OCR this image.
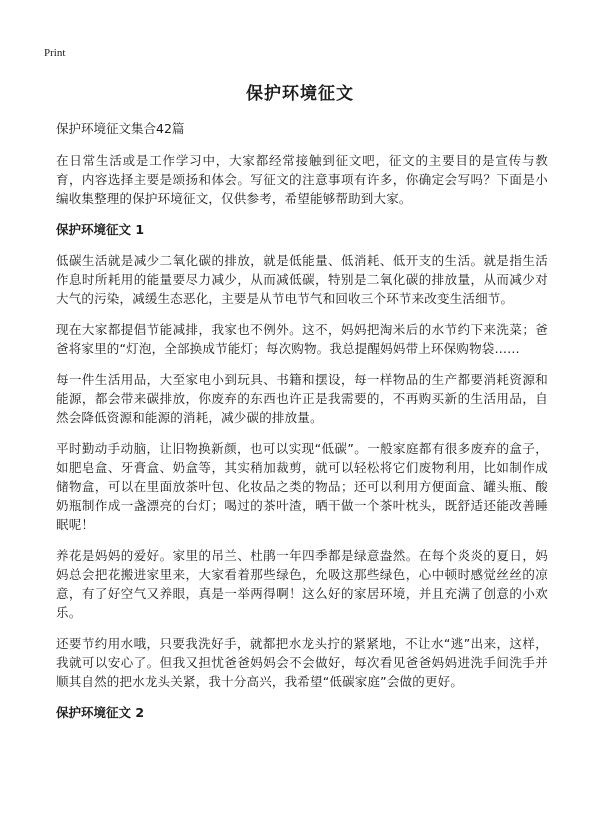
Print
保护环境征文

保护环境征文集合42篇

在日常生活或是工作学习中，大家都经常接触到征文吧，征文的主要目的是宣传与教育，内容选择主要是颂扬和体会。写征文的注意事项有许多，你确定会写吗？下面是小编收集整理的保护环境征文，仅供参考，希望能够帮助到大家。

保护环境征文 1

低碳生活就是减少二氧化碳的排放，就是低能量、低消耗、低开支的生活。就是指生活作息时所耗用的能量要尽力减少，从而减低碳，特别是二氧化碳的排放量，从而减少对大气的污染，减缓生态恶化，主要是从节电节气和回收三个环节来改变生活细节。

现在大家都提倡节能减排，我家也不例外。这不，妈妈把淘米后的水节约下来洗菜；爸爸将家里的“灯泡，全部换成节能灯；每次购物。我总提醒妈妈带上环保购物袋……

每一件生活用品，大至家电小到玩具、书籍和摆设，每一样物品的生产都要消耗资源和能源，都会带来碳排放，你废弃的东西也许正是我需要的，不再购买新的生活用品，自然会降低资源和能源的消耗，减少碳的排放量。

平时勤动手动脑，让旧物换新颜，也可以实现“低碳”。一般家庭都有很多废弃的盒子，如肥皂盒、牙膏盒、奶盒等，其实稍加裁剪，就可以轻松将它们废物利用，比如制作成储物盒，可以在里面放茶叶包、化妆品之类的物品；还可以利用方便面盒、罐头瓶、酸奶瓶制作成一盏漂亮的台灯；喝过的茶叶渣，晒干做一个茶叶枕头，既舒适还能改善睡眠呢！

养花是妈妈的爱好。家里的吊兰、杜鹃一年四季都是绿意盎然。在每个炎炎的夏日，妈妈总会把花搬进家里来，大家看着那些绿色，允吸这那些绿色，心中顿时感觉丝丝的凉意，有了好空气又养眼，真是一举两得啊！这么好的家居环境，并且充满了创意的小欢乐。

还要节约用水哦，只要我洗好手，就都把水龙头拧的紧紧地，不让水“逃”出来，这样，我就可以安心了。但我又担忧爸爸妈妈会不会做好，每次看见爸爸妈妈进洗手间洗手并顺其自然的把水龙头关紧，我十分高兴，我希望“低碳家庭”会做的更好。

保护环境征文 2
